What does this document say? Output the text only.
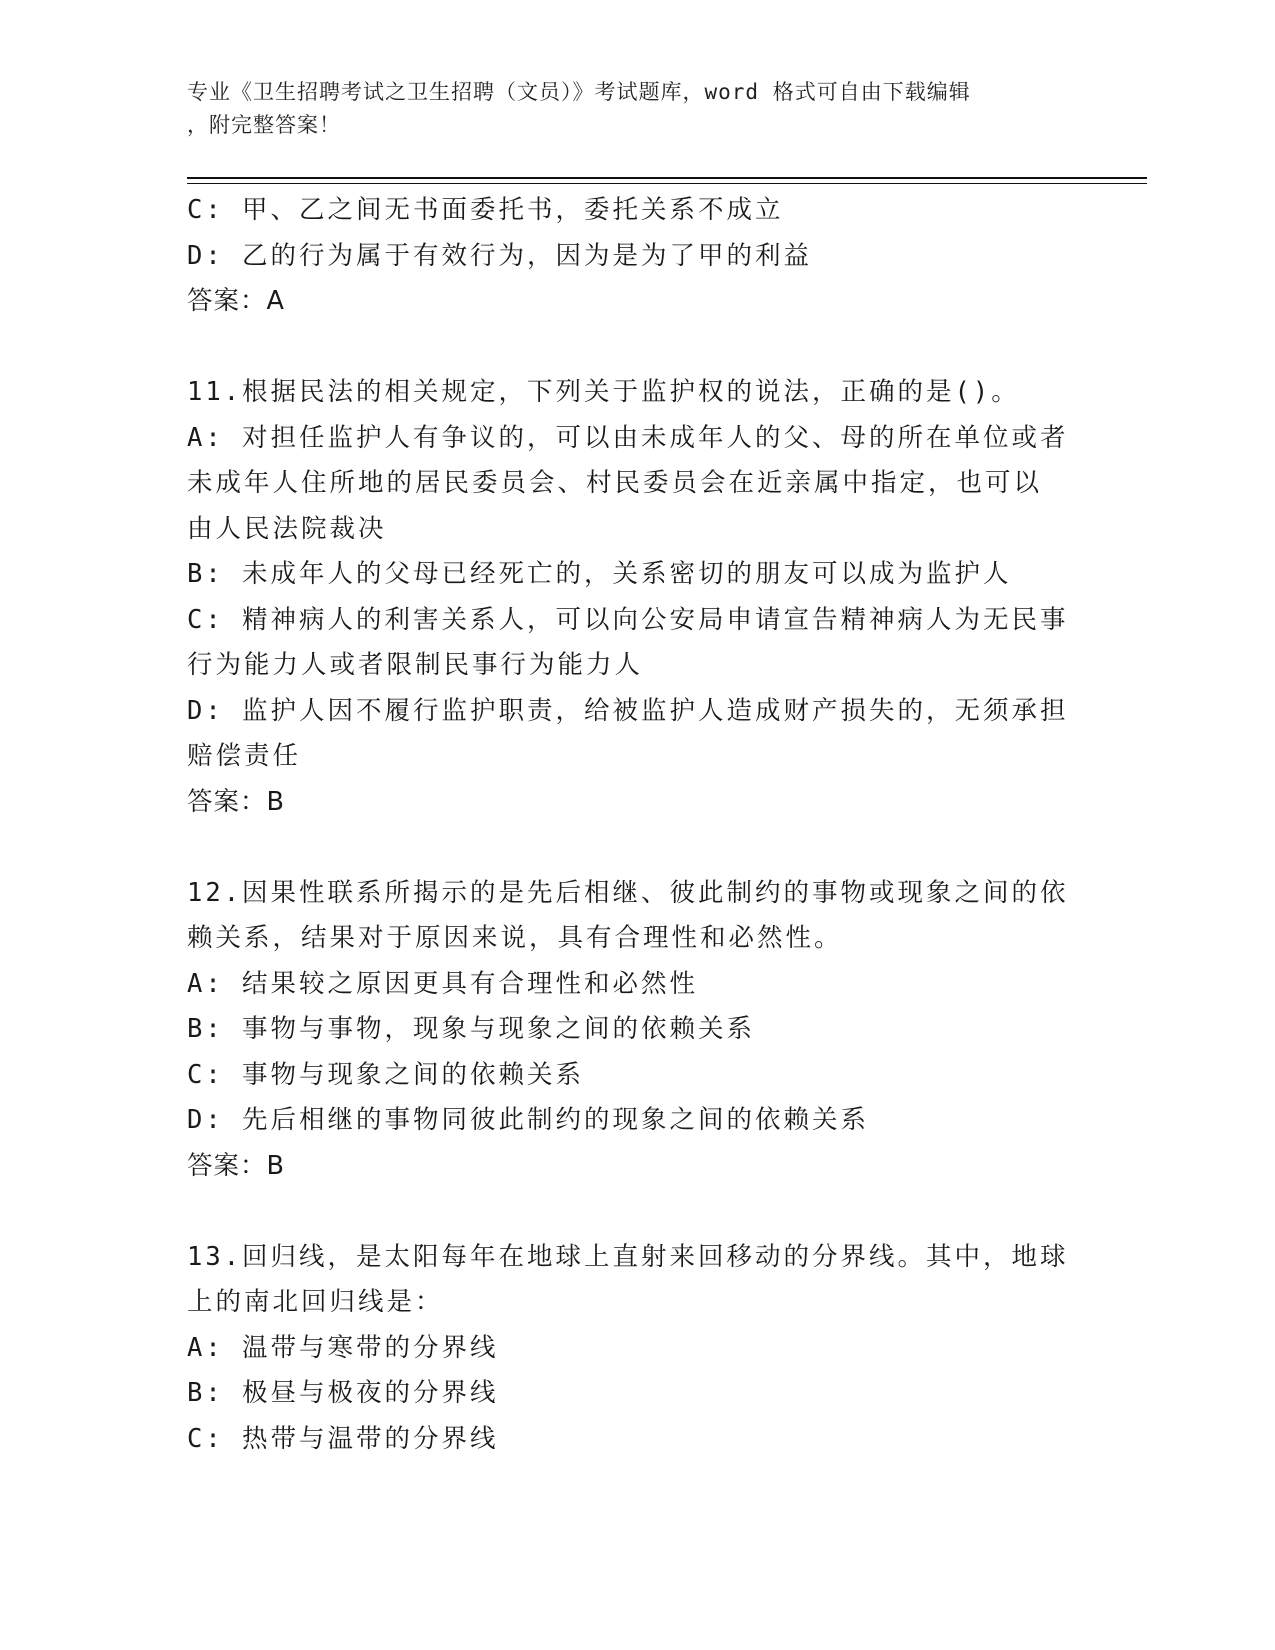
专业《卫生招聘考试之卫生招聘（文员）》考试题库，word 格式可自由下载编辑
，附完整答案！
C: 甲、乙之间无书面委托书，委托关系不成立
D: 乙的行为属于有效行为，因为是为了甲的利益
答案：A
11.根据民法的相关规定，下列关于监护权的说法，正确的是()。
A: 对担任监护人有争议的，可以由未成年人的父、母的所在单位或者
未成年人住所地的居民委员会、村民委员会在近亲属中指定，也可以
由人民法院裁决
B: 未成年人的父母已经死亡的，关系密切的朋友可以成为监护人
C: 精神病人的利害关系人，可以向公安局申请宣告精神病人为无民事
行为能力人或者限制民事行为能力人
D: 监护人因不履行监护职责，给被监护人造成财产损失的，无须承担
赔偿责任
答案：B
12.因果性联系所揭示的是先后相继、彼此制约的事物或现象之间的依
赖关系，结果对于原因来说，具有合理性和必然性。
A: 结果较之原因更具有合理性和必然性
B: 事物与事物，现象与现象之间的依赖关系
C: 事物与现象之间的依赖关系
D: 先后相继的事物同彼此制约的现象之间的依赖关系
答案：B
13.回归线，是太阳每年在地球上直射来回移动的分界线。其中，地球
上的南北回归线是：
A: 温带与寒带的分界线
B: 极昼与极夜的分界线
C: 热带与温带的分界线
